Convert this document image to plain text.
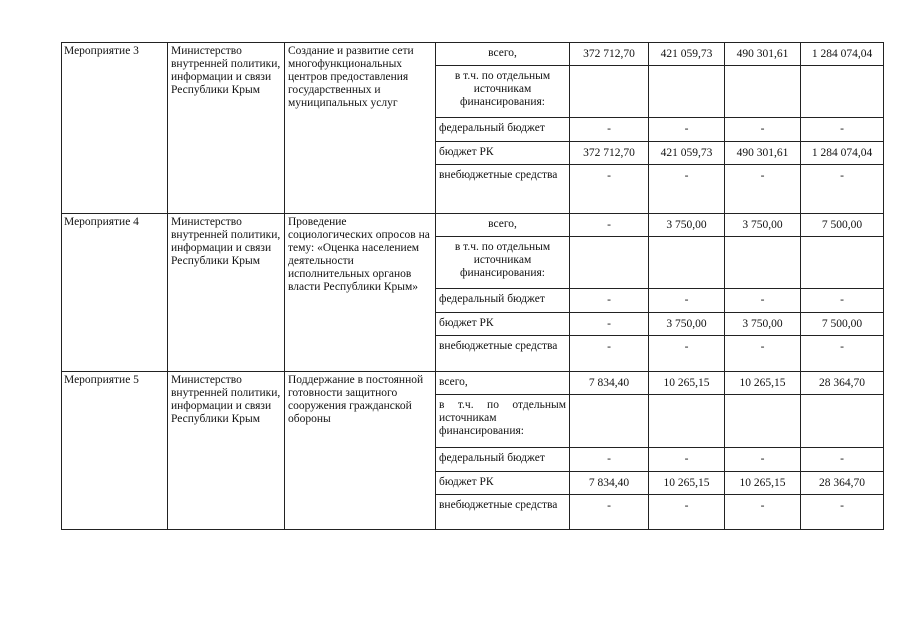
Мероприятие 3	Министерство внутренней политики, информации и связи Республики Крым	Создание и развитие сети многофункциональных центров предоставления государственных и муниципальных услуг	всего,	372 712,70	421 059,73	490 301,61	1 284 074,04
			в т.ч. по отдельным источникам финансирования:				
			федеральный бюджет	-	-	-	-
			бюджет РК	372 712,70	421 059,73	490 301,61	1 284 074,04
			внебюджетные средства	-	-	-	-
Мероприятие 4	Министерство внутренней политики, информации и связи Республики Крым	Проведение социологических опросов на тему: «Оценка населением деятельности исполнительных органов власти Республики Крым»	всего,	-	3 750,00	3 750,00	7 500,00
			в т.ч. по отдельным источникам финансирования:				
			федеральный бюджет	-	-	-	-
			бюджет РК	-	3 750,00	3 750,00	7 500,00
			внебюджетные средства	-	-	-	-
Мероприятие 5	Министерство внутренней политики, информации и связи Республики Крым	Поддержание в постоянной готовности защитного сооружения гражданской обороны	всего,	7 834,40	10 265,15	10 265,15	28 364,70
			в т.ч. по отдельным источникам финансирования:				
			федеральный бюджет	-	-	-	-
			бюджет РК	7 834,40	10 265,15	10 265,15	28 364,70
			внебюджетные средства	-	-	-	-
